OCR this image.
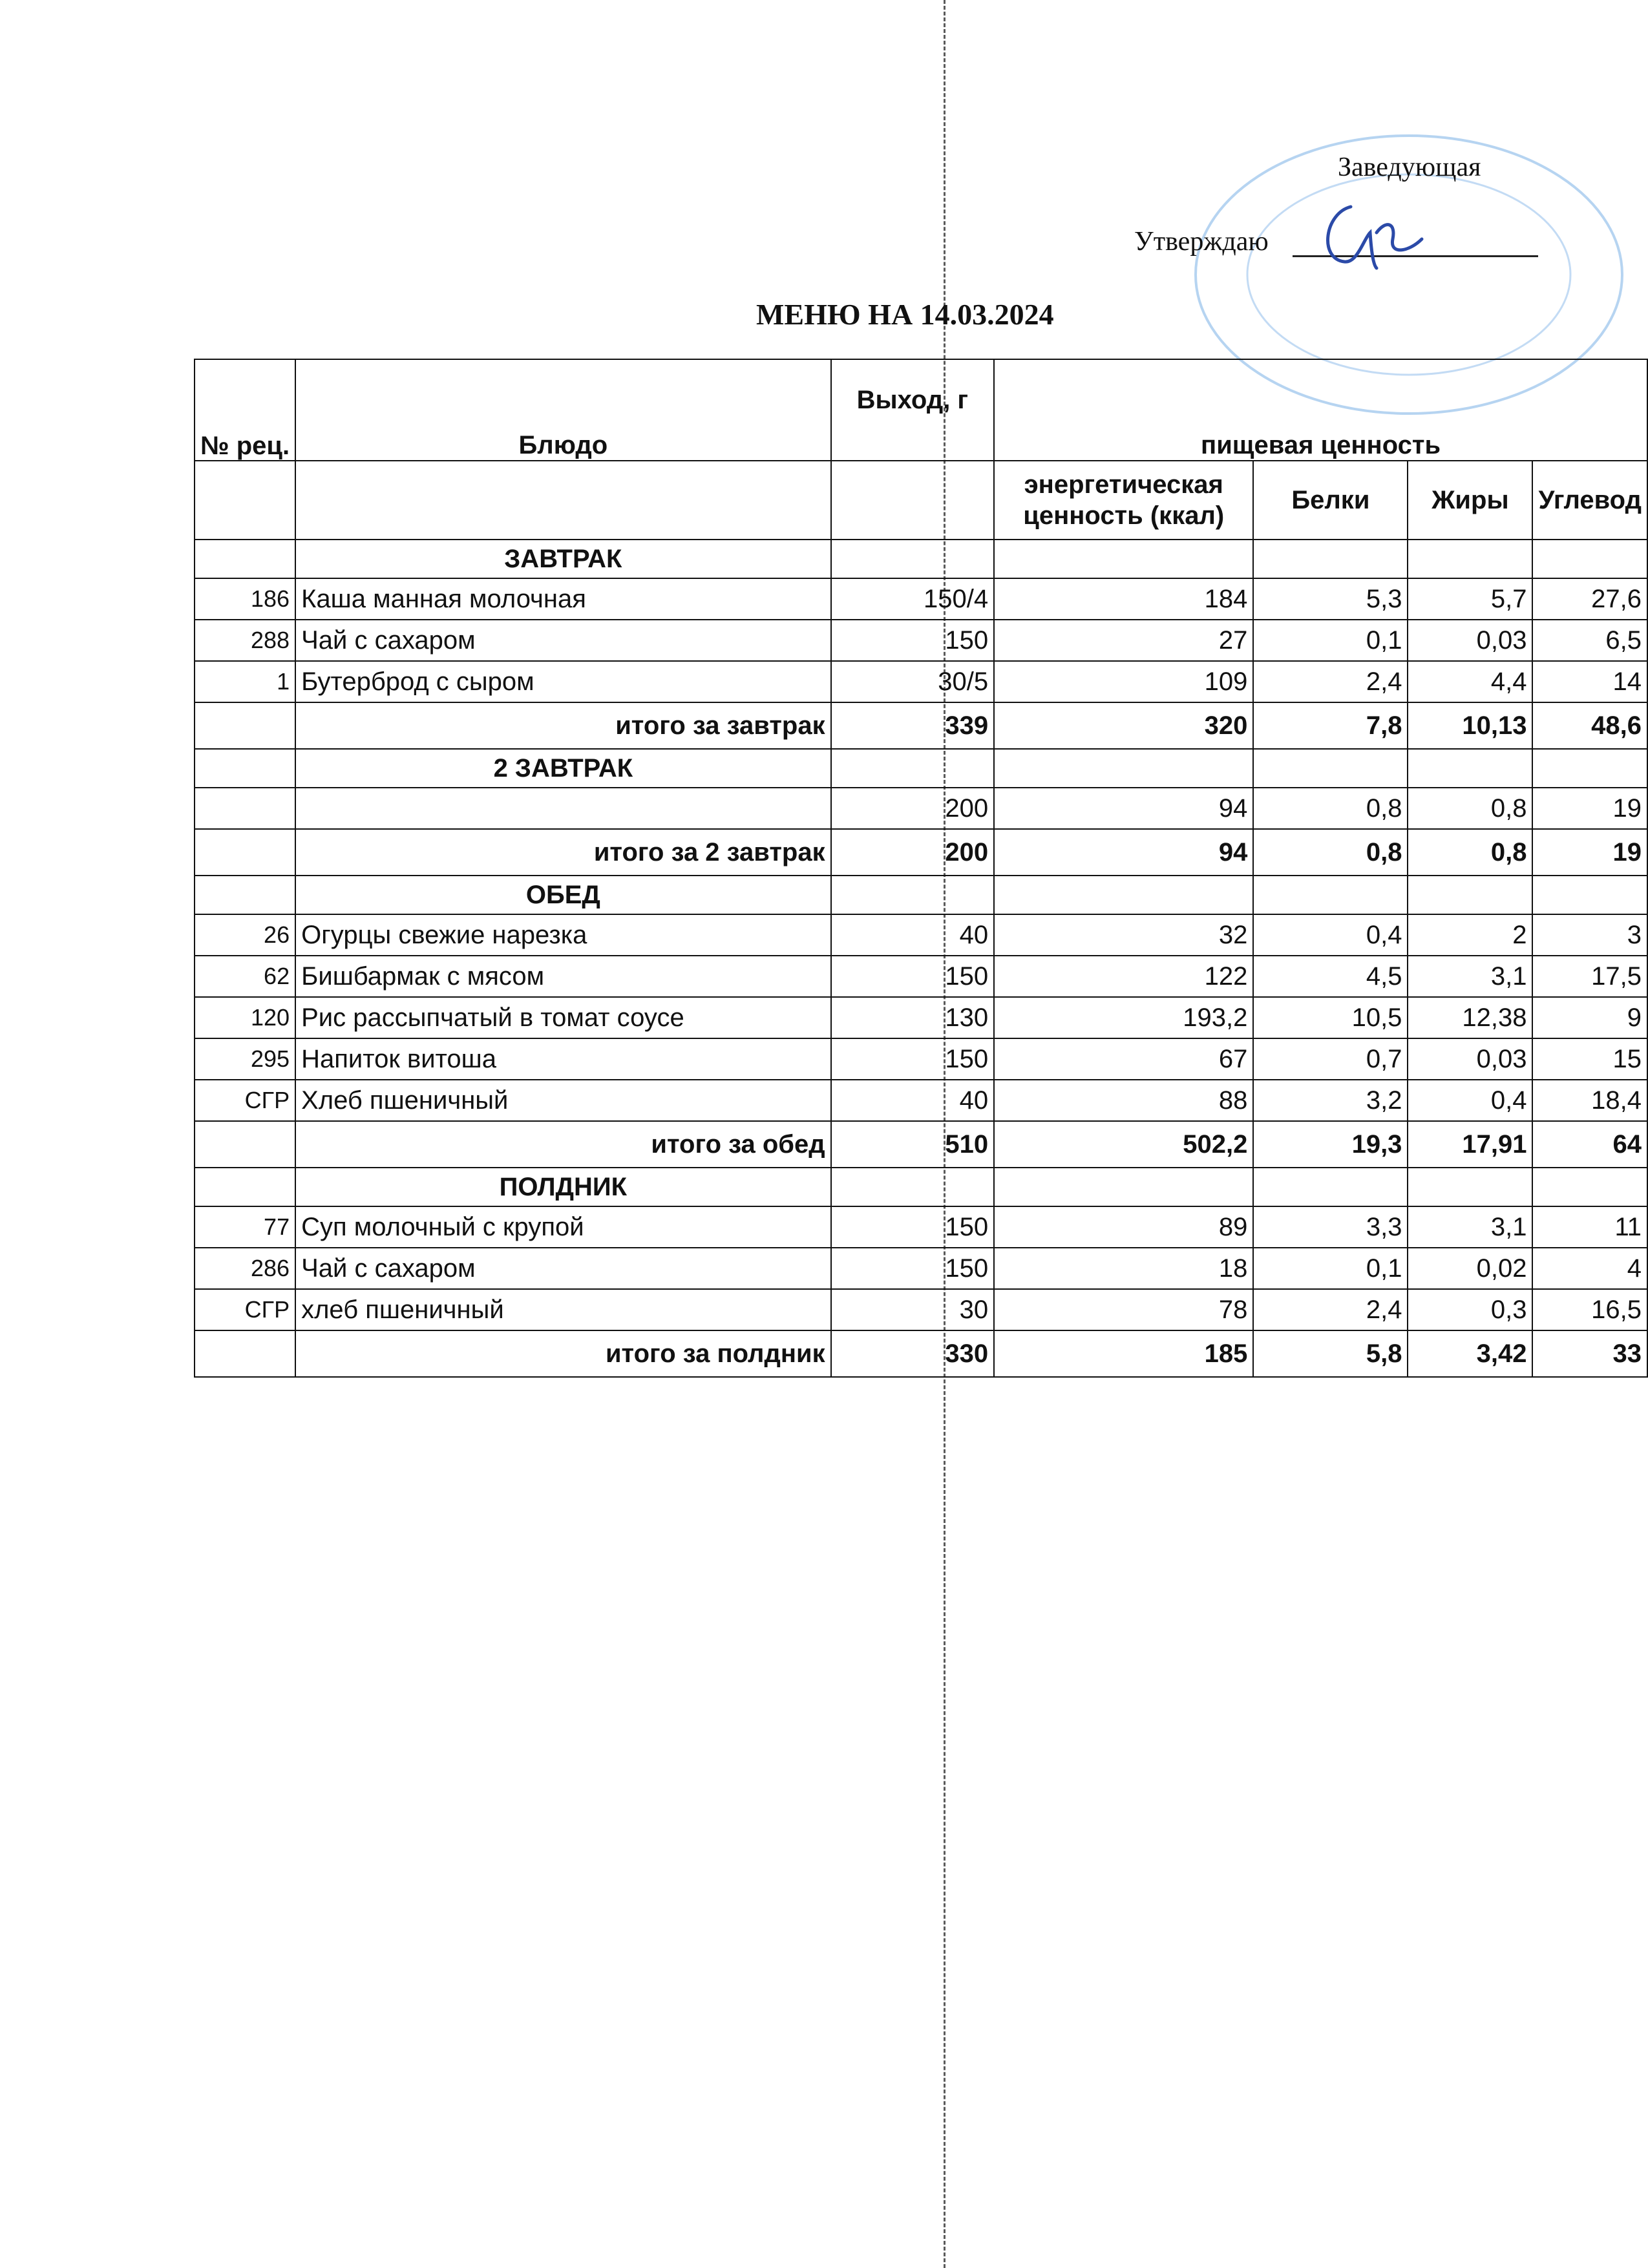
Заведующая
Утверждаю
МЕНЮ НА 14.03.2024
№ рец.	Блюдо	Выход, г	пищевая ценность			
			энергетическая ценность (ккал)	Белки	Жиры	Углевод
	ЗАВТРАК					
186	Каша манная молочная	150/4	184	5,3	5,7	27,6
288	Чай с сахаром	150	27	0,1	0,03	6,5
1	Бутерброд с сыром	30/5	109	2,4	4,4	14
	итого за завтрак	339	320	7,8	10,13	48,6
	2 ЗАВТРАК					
		200	94	0,8	0,8	19
	итого за 2 завтрак	200	94	0,8	0,8	19
	ОБЕД					
26	Огурцы свежие нарезка	40	32	0,4	2	3
62	Бишбармак с мясом	150	122	4,5	3,1	17,5
120	Рис рассыпчатый в томат соусе	130	193,2	10,5	12,38	9
295	Напиток витоша	150	67	0,7	0,03	15
СГР	Хлеб пшеничный	40	88	3,2	0,4	18,4
	итого за обед	510	502,2	19,3	17,91	64
	ПОЛДНИК					
77	Суп молочный с крупой	150	89	3,3	3,1	11
286	Чай с сахаром	150	18	0,1	0,02	4
СГР	хлеб пшеничный	30	78	2,4	0,3	16,5
	итого за полдник	330	185	5,8	3,42	33
